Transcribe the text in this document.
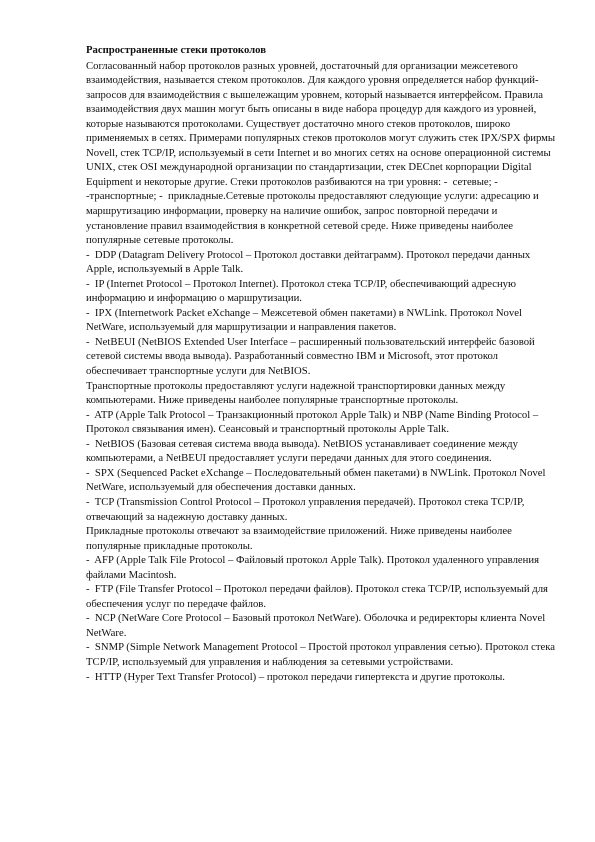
Распространенные стеки протоколов

Согласованный набор протоколов разных уровней, достаточный для организации межсетевого взаимодействия, называется стеком протоколов. Для каждого уровня определяется набор функций-запросов для взаимодействия с вышележащим уровнем, который называется интерфейсом. Правила взаимодействия двух машин могут быть описаны в виде набора процедур для каждого из уровней, которые называются протоколами. Существует достаточно много стеков протоколов, широко применяемых в сетях. Примерами популярных стеков протоколов могут служить стек IPX/SPX фирмы Novell, стек TCP/IP, используемый в сети Internet и во многих сетях на основе операционной системы UNIX, стек OSI международной организации по стандартизации, стек DECnet корпорации Digital Equipment и некоторые другие. Стеки протоколов разбиваются на три уровня: -  сетевые; -  -транспортные; -  прикладные.Сетевые протоколы предоставляют следующие услуги: адресацию и маршрутизацию информации, проверку на наличие ошибок, запрос повторной передачи и установление правил взаимодействия в конкретной сетевой среде. Ниже приведены наиболее популярные сетевые протоколы.

-  DDP (Datagram Delivery Protocol – Протокол доставки дейтаграмм). Протокол передачи данных Apple, используемый в Apple Talk.

-  IP (Internet Protocol – Протокол Internet). Протокол стека TCP/IP, обеспечивающий адресную информацию и информацию о маршрутизации.

-  IPX (Internetwork Packet eXchange – Межсетевой обмен пакетами) в NWLink. Протокол Novel NetWare, используемый для маршрутизации и направления пакетов.

-  NetBEUI (NetBIOS Extended User Interface – расширенный пользовательский интерфейс базовой сетевой системы ввода вывода). Разработанный совместно IBM и Microsoft, этот протокол обеспечивает транспортные услуги для NetBIOS.

Транспортные протоколы предоставляют услуги надежной транспортировки данных между компьютерами. Ниже приведены наиболее популярные транспортные протоколы.

-  ATP (Apple Talk Protocol – Транзакционный протокол Apple Talk) и NBP (Name Binding Protocol – Протокол связывания имен). Сеансовый и транспортный протоколы Apple Talk.

-  NetBIOS (Базовая сетевая система ввода вывода). NetBIOS устанавливает соединение между компьютерами, а NetBEUI предоставляет услуги передачи данных для этого соединения.

-  SPX (Sequenced Packet eXchange – Последовательный обмен пакетами) в NWLink. Протокол Novel NetWare, используемый для обеспечения доставки данных.

-  TCP (Transmission Control Protocol – Протокол управления передачей). Протокол стека TCP/IP, отвечающий за надежную доставку данных.

Прикладные протоколы отвечают за взаимодействие приложений. Ниже приведены наиболее популярные прикладные протоколы.

-  AFP (Apple Talk File Protocol – Файловый протокол Apple Talk). Протокол удаленного управления файлами Macintosh.

-  FTP (File Transfer Protocol – Протокол передачи файлов). Протокол стека TCP/IP, используемый для обеспечения услуг по передаче файлов.

-  NCP (NetWare Core Protocol – Базовый протокол NetWare). Оболочка и редиректоры клиента Novel NetWare.

-  SNMP (Simple Network Management Protocol – Простой протокол управления сетью). Протокол стека TCP/IP, используемый для управления и наблюдения за сетевыми устройствами.

-  HTTP (Hyper Text Transfer Protocol) – протокол передачи гипертекста и другие протоколы.
